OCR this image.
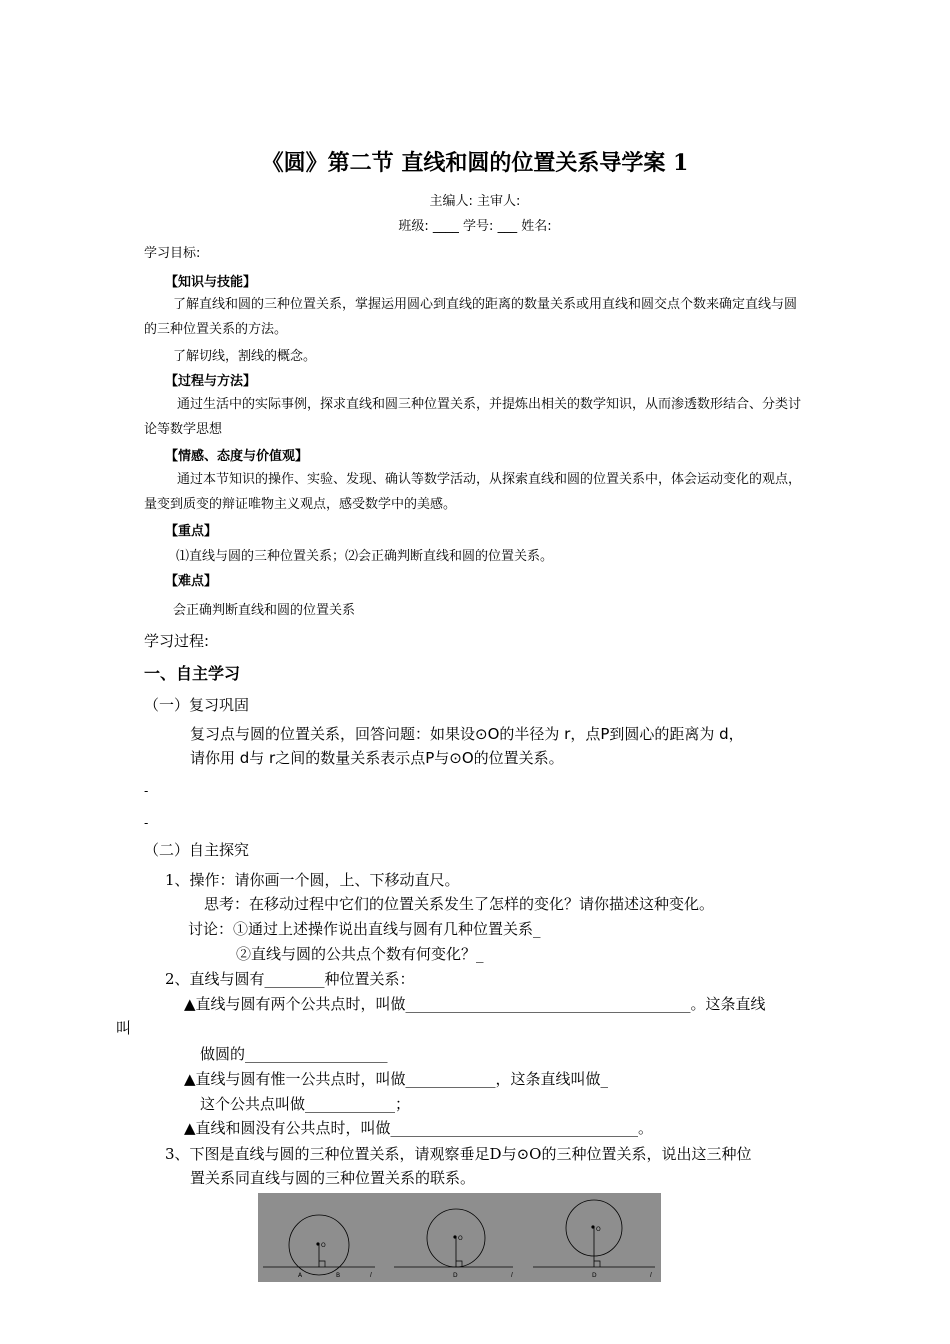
《圆》第二节 直线和圆的位置关系导学案 1
主编人: 主审人:
班级: ____ 学号: ___ 姓名:
学习目标:
【知识与技能】
了解直线和圆的三种位置关系，掌握运用圆心到直线的距离的数量关系或用直线和圆交点个数来确定直线与圆的三种位置关系的方法。
了解切线，割线的概念。
【过程与方法】
通过生活中的实际事例，探求直线和圆三种位置关系，并提炼出相关的数学知识，从而渗透数形结合、分类讨论等数学思想
【情感、态度与价值观】
通过本节知识的操作、实验、发现、确认等数学活动，从探索直线和圆的位置关系中，体会运动变化的观点，量变到质变的辩证唯物主义观点，感受数学中的美感。
【重点】
⑴直线与圆的三种位置关系；⑵会正确判断直线和圆的位置关系。
【难点】
会正确判断直线和圆的位置关系
学习过程:
一、自主学习
（一）复习巩固
复习点与圆的位置关系，回答问题：如果设⊙O的半径为 r，点P到圆心的距离为 d，
请你用 d与 r之间的数量关系表示点P与⊙O的位置关系。
-
-
（二）自主探究
1、操作：请你画一个圆，上、下移动直尺。
思考：在移动过程中它们的位置关系发生了怎样的变化？请你描述这种变化。
讨论：①通过上述操作说出直线与圆有几种位置关系_
②直线与圆的公共点个数有何变化？_
2、直线与圆有________种位置关系：
▲直线与圆有两个公共点时，叫做______________________________________。这条直线
叫
做圆的___________________
▲直线与圆有惟一公共点时，叫做____________，这条直线叫做_
这个公共点叫做____________；
▲直线和圆没有公共点时，叫做_________________________________。
3、下图是直线与圆的三种位置关系，请观察垂足D与⊙O的三种位置关系，说出这三种位
置关系同直线与圆的三种位置关系的联系。
O
A	B	l
O
D	l
O
D	l
